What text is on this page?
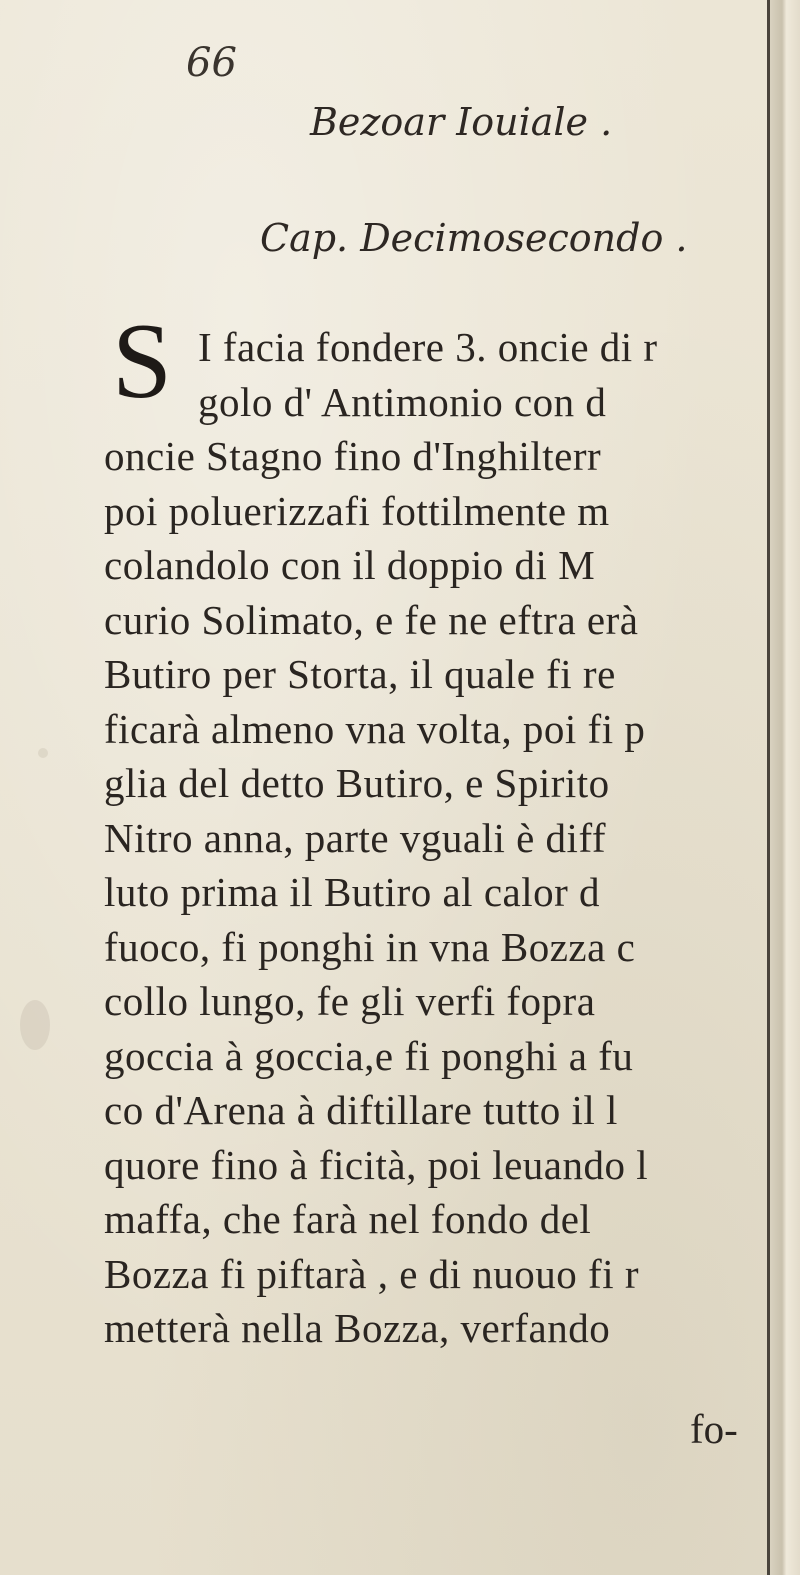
66
Bezoar Iouiale .
Cap. Decimosecondo .
S I facia fondere 3. oncie di r
golo d' Antimonio con d
oncie Stagno fino d'Inghilterr
poi poluerizzafi fottilmente m
colandolo con il doppio di M
curio Solimato, e fe ne eftra erà
Butiro per Storta, il quale fi re
ficarà almeno vna volta, poi fi p
glia del detto Butiro, e Spirito
Nitro anna, parte vguali è diff
luto prima il Butiro al calor d
fuoco, fi ponghi in vna Bozza c
collo lungo, fe gli verfi fopra
goccia à goccia,e fi ponghi a fu
co d'Arena à diftillare tutto il l
quore fino à ficità, poi leuando l
maffa, che farà nel fondo del
Bozza fi piftarà , e di nuouo fi r
metterà nella Bozza, verfando
fo-
